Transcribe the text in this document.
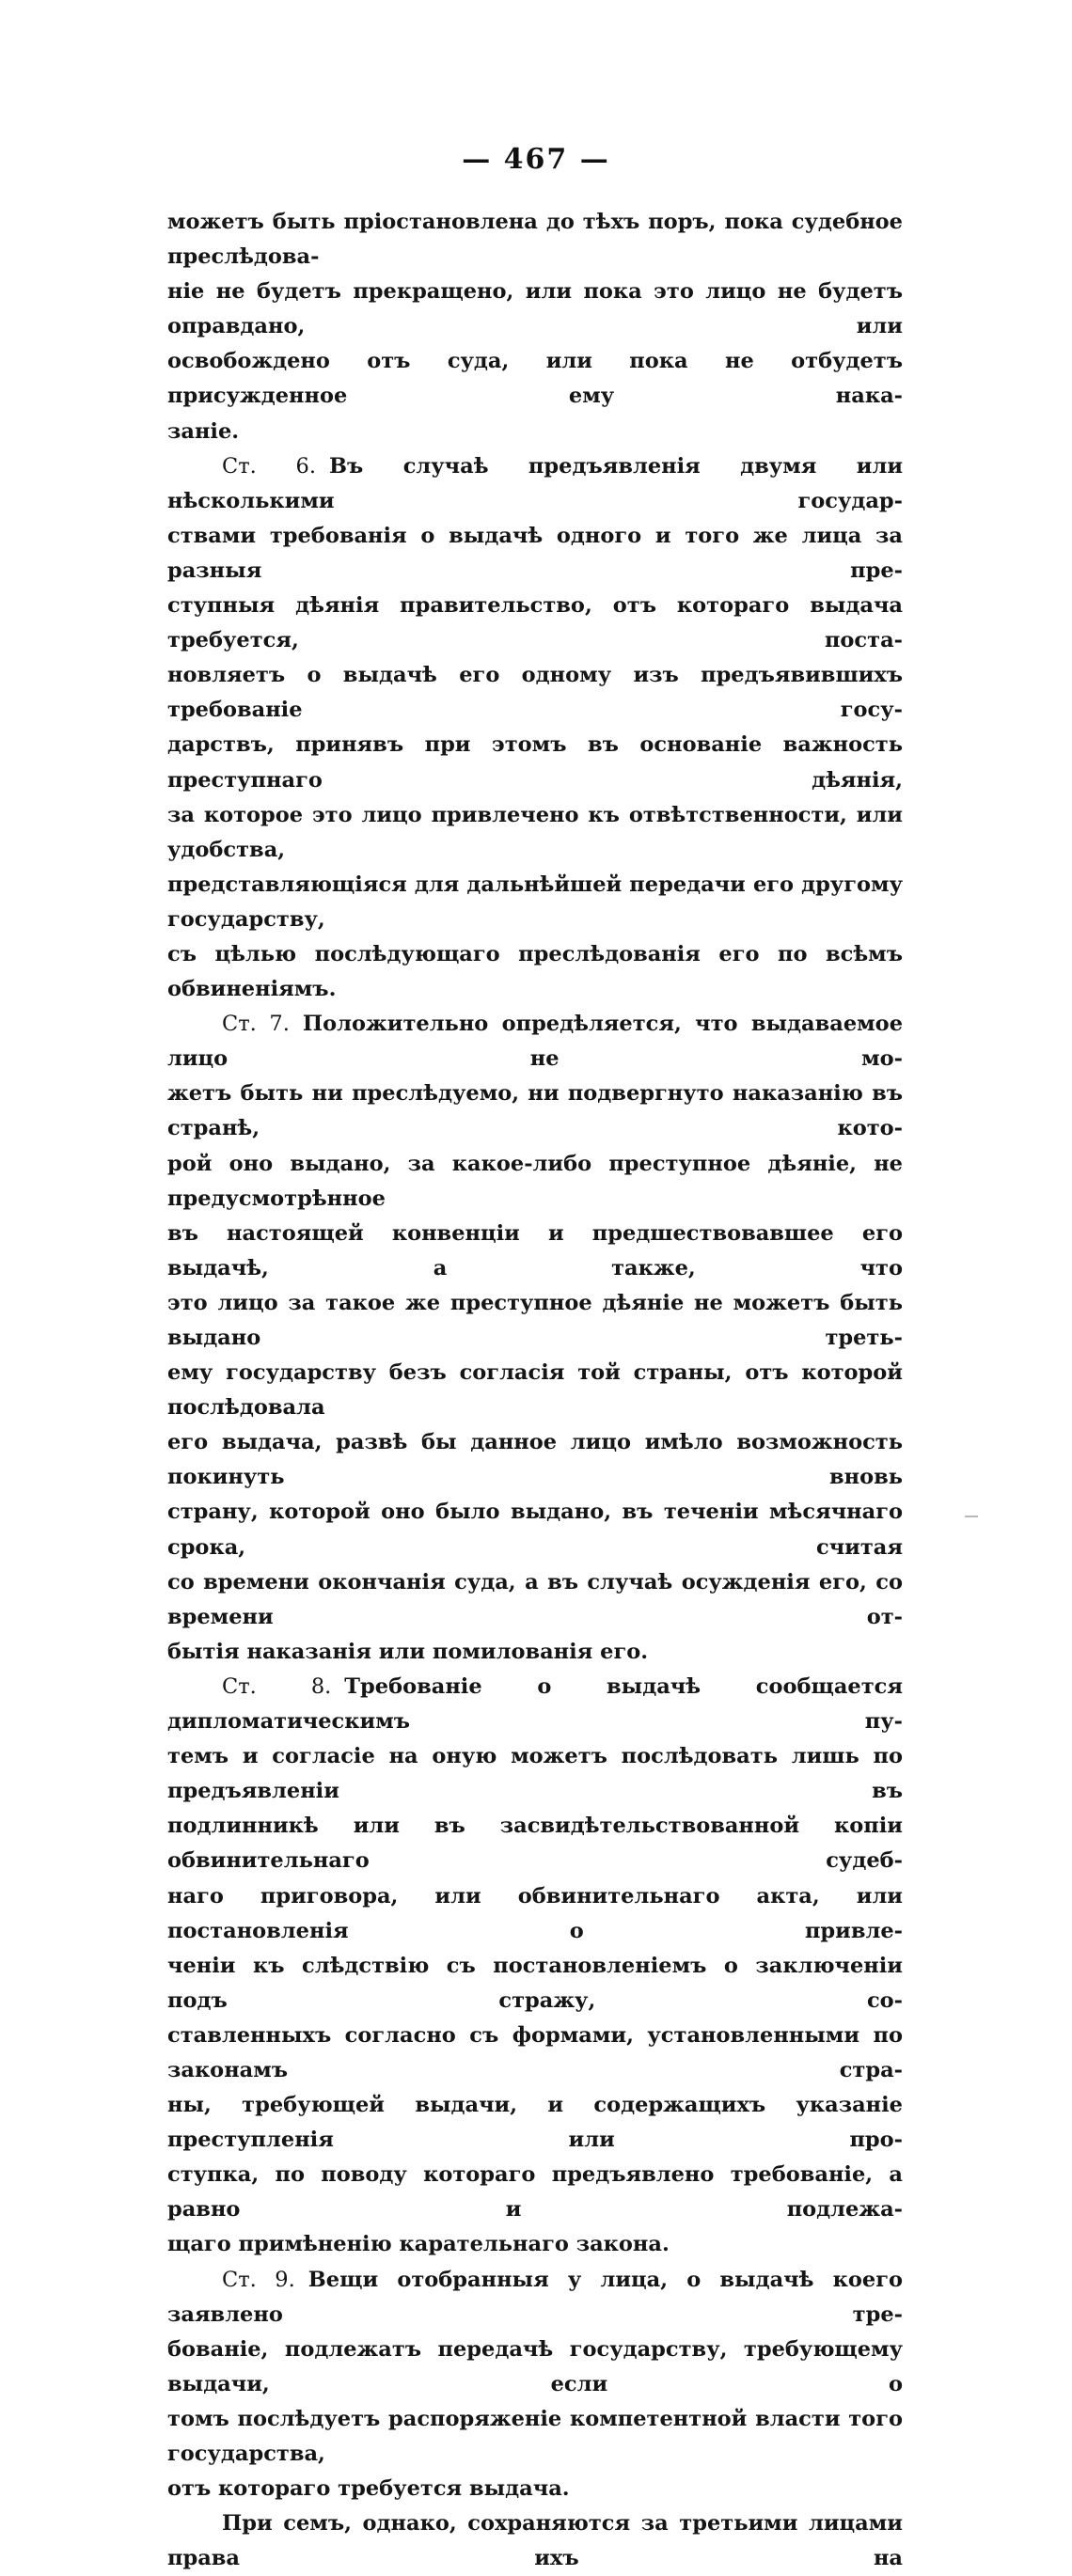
— 467 —

можетъ быть пріостановлена до тѣхъ поръ, пока судебное преслѣдова-

ніе не будетъ прекращено, или пока это лицо не будетъ оправдано, или

освобождено отъ суда, или пока не отбудетъ присужденное ему нака-

заніе.

Ст. 6. Въ случаѣ предъявленія двумя или нѣсколькими государ-

ствами требованія о выдачѣ одного и того же лица за разныя пре-

ступныя дѣянія правительство, отъ котораго выдача требуется, поста-

новляетъ о выдачѣ его одному изъ предъявившихъ требованіе госу-

дарствъ, принявъ при этомъ въ основаніе важность преступнаго дѣянія,

за которое это лицо привлечено къ отвѣтственности, или удобства,

представляющіяся для дальнѣйшей передачи его другому государству,

съ цѣлью послѣдующаго преслѣдованія его по всѣмъ обвиненіямъ.

Ст. 7. Положительно опредѣляется, что выдаваемое лицо не мо-

жетъ быть ни преслѣдуемо, ни подвергнуто наказанію въ странѣ, кото-

рой оно выдано, за какое-либо преступное дѣяніе, не предусмотрѣнное

въ настоящей конвенціи и предшествовавшее его выдачѣ, а также, что

это лицо за такое же преступное дѣяніе не можетъ быть выдано треть-

ему государству безъ согласія той страны, отъ которой послѣдовала

его выдача, развѣ бы данное лицо имѣло возможность покинуть вновь

страну, которой оно было выдано, въ теченіи мѣсячнаго срока, считая

со времени окончанія суда, а въ случаѣ осужденія его, со времени от-

бытія наказанія или помилованія его.

Ст. 8. Требованіе о выдачѣ сообщается дипломатическимъ пу-

темъ и согласіе на оную можетъ послѣдовать лишь по предъявленіи въ

подлинникѣ или въ засвидѣтельствованной копіи обвинительнаго судеб-

наго приговора, или обвинительнаго акта, или постановленія о привле-

ченіи къ слѣдствію съ постановленіемъ о заключеніи подъ стражу, со-

ставленныхъ согласно съ формами, установленными по законамъ стра-

ны, требующей выдачи, и содержащихъ указаніе преступленія или про-

ступка, по поводу котораго предъявлено требованіе, а равно и подлежа-

щаго примѣненію карательнаго закона.

Ст. 9. Вещи отобранныя у лица, о выдачѣ коего заявлено тре-

бованіе, подлежатъ передачѣ государству, требующему выдачи, если о

томъ послѣдуетъ распоряженіе компетентной власти того государства,

отъ котораго требуется выдача.

При семъ, однако, сохраняются за третьими лицами права ихъ на
